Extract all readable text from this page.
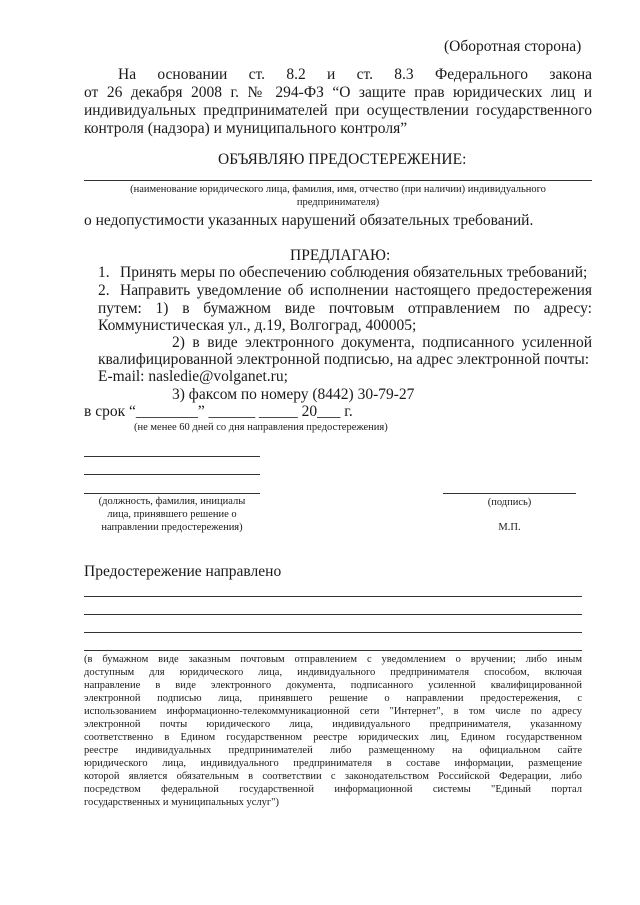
(Оборотная сторона)
На основании ст. 8.2 и ст. 8.3 Федерального закона
от 26 декабря 2008 г. № 294-ФЗ “О защите прав юридических лиц и
индивидуальных предпринимателей при осуществлении государственного
контроля (надзора) и муниципального контроля”
ОБЪЯВЛЯЮ ПРЕДОСТЕРЕЖЕНИЕ:
(наименование юридического лица, фамилия, имя, отчество (при наличии) индивидуального
предпринимателя)
о недопустимости указанных нарушений обязательных требований.
ПРЕДЛАГАЮ:
1. Принять меры по обеспечению соблюдения обязательных требований;
2. Направить уведомление об исполнении настоящего предостережения
путем: 1) в бумажном виде почтовым отправлением по адресу:
Коммунистическая ул., д.19, Волгоград, 400005;
2) в виде электронного документа, подписанного усиленной
квалифицированной электронной подписью, на адрес электронной почты:
E-mail: nasledie@volganet.ru;
3) факсом по номеру (8442) 30-79-27
в срок “________” ______ _____ 20___ г.
(не менее 60 дней со дня направления предостережения)
(должность, фамилия, инициалы
лица, принявшего решение о
направлении предостережения)
(подпись)
М.П.
Предостережение направлено
(в бумажном виде заказным почтовым отправлением с уведомлением о вручении; либо иным
доступным для юридического лица, индивидуального предпринимателя способом, включая
направление в виде электронного документа, подписанного усиленной квалифицированной
электронной подписью лица, принявшего решение о направлении предостережения, с
использованием информационно-телекоммуникационной сети "Интернет", в том числе по адресу
электронной почты юридического лица, индивидуального предпринимателя, указанному
соответственно в Едином государственном реестре юридических лиц, Едином государственном
реестре индивидуальных предпринимателей либо размещенному на официальном сайте
юридического лица, индивидуального предпринимателя в составе информации, размещение
которой является обязательным в соответствии с законодательством Российской Федерации, либо
посредством федеральной государственной информационной системы "Единый портал
государственных и муниципальных услуг")
